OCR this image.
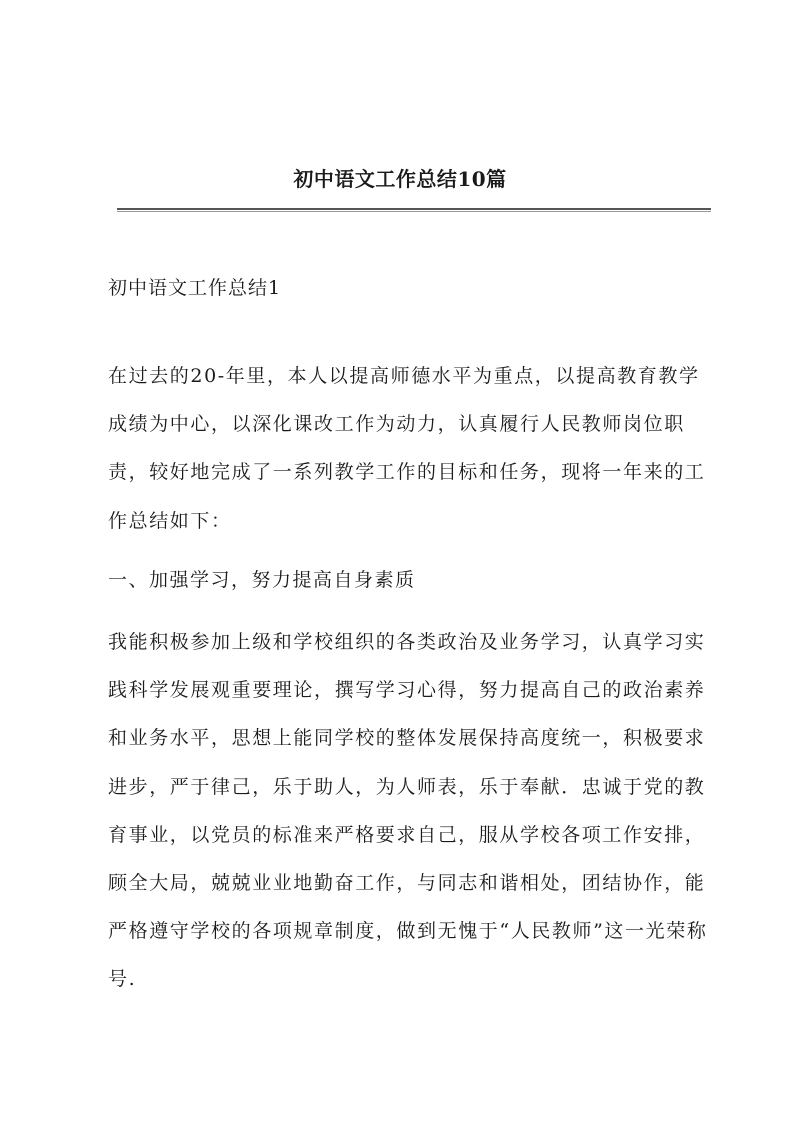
初中语文工作总结10篇
初中语文工作总结1

在过去的20-年里，本人以提高师德水平为重点，以提高教育教学成绩为中心，以深化课改工作为动力，认真履行人民教师岗位职责，较好地完成了一系列教学工作的目标和任务，现将一年来的工作总结如下：

一、加强学习，努力提高自身素质

我能积极参加上级和学校组织的各类政治及业务学习，认真学习实践科学发展观重要理论，撰写学习心得，努力提高自己的政治素养和业务水平，思想上能同学校的整体发展保持高度统一，积极要求进步，严于律己，乐于助人，为人师表，乐于奉献．忠诚于党的教育事业，以党员的标准来严格要求自己，服从学校各项工作安排，顾全大局，兢兢业业地勤奋工作，与同志和谐相处，团结协作，能严格遵守学校的各项规章制度，做到无愧于“人民教师”这一光荣称号.
